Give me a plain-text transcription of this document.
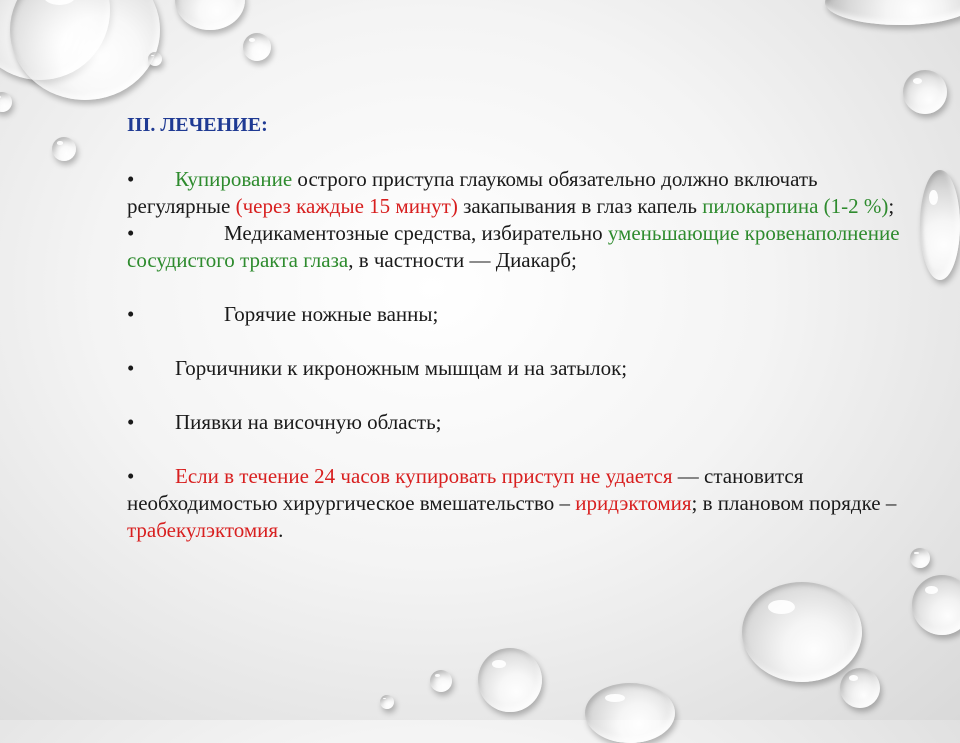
III. ЛЕЧЕНИЕ:
• Купирование острого приступа глаукомы обязательно должно включать регулярные (через каждые 15 минут) закапывания в глаз капель пилокарпина (1-2 %);
•	Медикаментозные средства, избирательно уменьшающие кровенаполнение сосудистого тракта глаза, в частности — Диакарб;
•	Горячие ножные ванны;
• Горчичники к икроножным мышцам и на затылок;
• Пиявки на височную область;
• Если в течение 24 часов купировать приступ не удается — становится необходимостью хирургическое вмешательство – иридэктомия; в плановом порядке – трабекулэктомия.
